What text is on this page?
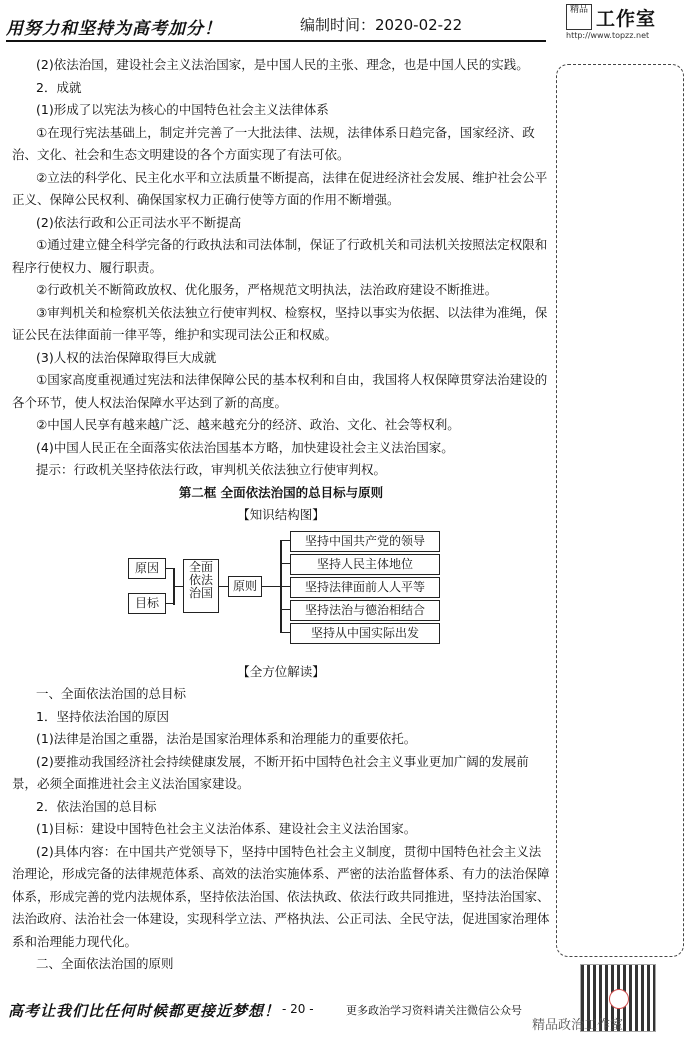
用努力和坚持为高考加分！	编制时间：2020-02-22
精品 工作室
http://www.topzz.net

(2)依法治国，建设社会主义法治国家，是中国人民的主张、理念，也是中国人民的实践。

2．成就

(1)形成了以宪法为核心的中国特色社会主义法律体系

①在现行宪法基础上，制定并完善了一大批法律、法规，法律体系日趋完备，国家经济、政治、文化、社会和生态文明建设的各个方面实现了有法可依。

②立法的科学化、民主化水平和立法质量不断提高，法律在促进经济社会发展、维护社会公平正义、保障公民权利、确保国家权力正确行使等方面的作用不断增强。

(2)依法行政和公正司法水平不断提高

①通过建立健全科学完备的行政执法和司法体制，保证了行政机关和司法机关按照法定权限和程序行使权力、履行职责。

②行政机关不断简政放权、优化服务，严格规范文明执法，法治政府建设不断推进。

③审判机关和检察机关依法独立行使审判权、检察权，坚持以事实为依据、以法律为准绳，保证公民在法律面前一律平等，维护和实现司法公正和权威。

(3)人权的法治保障取得巨大成就

①国家高度重视通过宪法和法律保障公民的基本权利和自由，我国将人权保障贯穿法治建设的各个环节，使人权法治保障水平达到了新的高度。

②中国人民享有越来越广泛、越来越充分的经济、政治、文化、社会等权利。

(4)中国人民正在全面落实依法治国基本方略，加快建设社会主义法治国家。

提示：行政机关坚持依法行政，审判机关依法独立行使审判权。

第二框 全面依法治国的总目标与原则

【知识结构图】

原因
目标
全面依法治国	原则
坚持中国共产党的领导
坚持人民主体地位
坚持法律面前人人平等
坚持法治与德治相结合
坚持从中国实际出发

【全方位解读】

一、全面依法治国的总目标

1．坚持依法治国的原因

(1)法律是治国之重器，法治是国家治理体系和治理能力的重要依托。

(2)要推动我国经济社会持续健康发展，不断开拓中国特色社会主义事业更加广阔的发展前景，必须全面推进社会主义法治国家建设。

2．依法治国的总目标

(1)目标：建设中国特色社会主义法治体系、建设社会主义法治国家。

(2)具体内容：在中国共产党领导下，坚持中国特色社会主义制度，贯彻中国特色社会主义法治理论，形成完备的法律规范体系、高效的法治实施体系、严密的法治监督体系、有力的法治保障体系，形成完善的党内法规体系，坚持依法治国、依法执政、依法行政共同推进，坚持法治国家、法治政府、法治社会一体建设，实现科学立法、严格执法、公正司法、全民守法，促进国家治理体系和治理能力现代化。

二、全面依法治国的原则

高考让我们比任何时候都更接近梦想！ - 20 -	更多政治学习资料请关注微信公众号
精品政治工作室
